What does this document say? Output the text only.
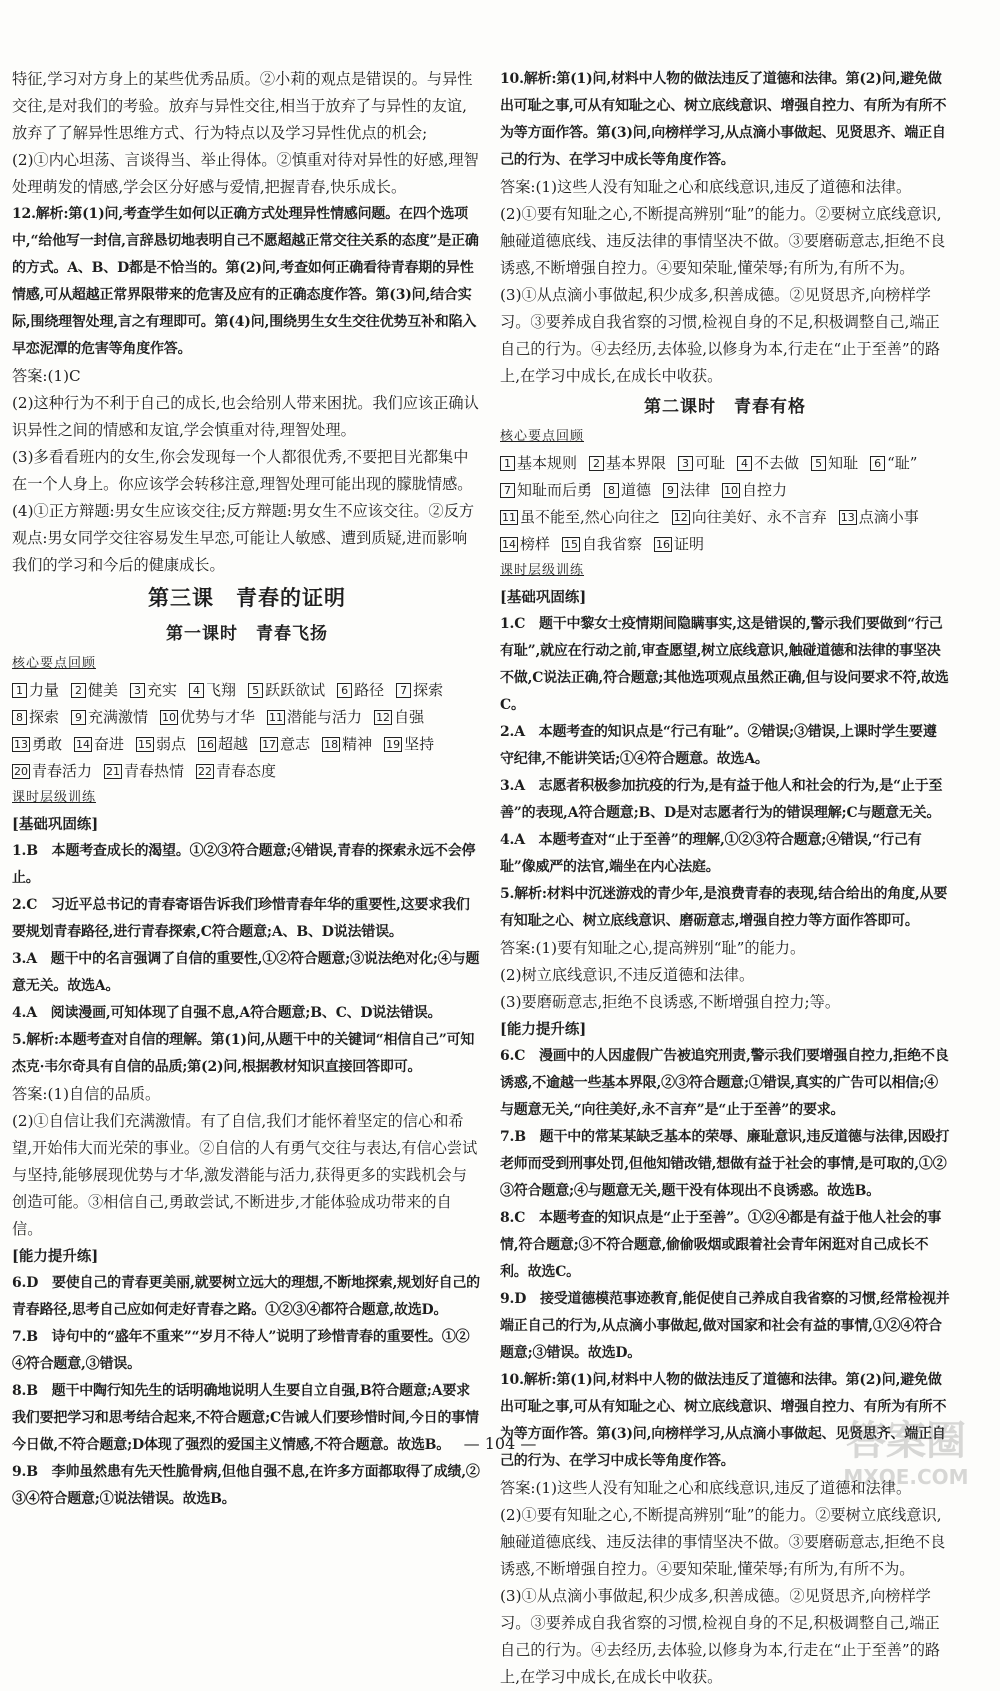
特征,学习对方身上的某些优秀品质。②小莉的观点是错误的。与异性交往,是对我们的考验。放弃与异性交往,相当于放弃了与异性的友谊,放弃了了解异性思维方式、行为特点以及学习异性优点的机会;

(2)①内心坦荡、言谈得当、举止得体。②慎重对待对异性的好感,理智处理萌发的情感,学会区分好感与爱情,把握青春,快乐成长。

12.解析:第(1)问,考查学生如何以正确方式处理异性情感问题。在四个选项中,“给他写一封信,言辞恳切地表明自己不愿超越正常交往关系的态度”是正确的方式。A、B、D都是不恰当的。第(2)问,考查如何正确看待青春期的异性情感,可从超越正常界限带来的危害及应有的正确态度作答。第(3)问,结合实际,围绕理智处理,言之有理即可。第(4)问,围绕男生女生交往优势互补和陷入早恋泥潭的危害等角度作答。

答案:(1)C

(2)这种行为不利于自己的成长,也会给别人带来困扰。我们应该正确认识异性之间的情感和友谊,学会慎重对待,理智处理。

(3)多看看班内的女生,你会发现每一个人都很优秀,不要把目光都集中在一个人身上。你应该学会转移注意,理智处理可能出现的朦胧情感。

(4)①正方辩题:男女生应该交往;反方辩题:男女生不应该交往。②反方观点:男女同学交往容易发生早恋,可能让人敏感、遭到质疑,进而影响我们的学习和今后的健康成长。

第三课　青春的证明
第一课时　青春飞扬
核心要点回顾
1 力量	2 健美	3 充实	4 飞翔	5 跃跃欲试	6 路径	7 探索
8 探索	9 充满激情 10 优势与才华 11 潜能与活力 12 自强
13 勇敢 14 奋进 15 弱点 16 超越 17 意志 18 精神 19 坚持
20 青春活力 21 青春热情 22 青春态度
课时层级训练
[基础巩固练]

1.B　本题考查成长的渴望。①②③符合题意;④错误,青春的探索永远不会停止。

2.C　习近平总书记的青春寄语告诉我们珍惜青春年华的重要性,这要求我们要规划青春路径,进行青春探索,C符合题意;A、B、D说法错误。

3.A　题干中的名言强调了自信的重要性,①②符合题意;③说法绝对化;④与题意无关。故选A。

4.A　阅读漫画,可知体现了自强不息,A符合题意;B、C、D说法错误。

5.解析:本题考查对自信的理解。第(1)问,从题干中的关键词“相信自己”可知杰克·韦尔奇具有自信的品质;第(2)问,根据教材知识直接回答即可。

答案:(1)自信的品质。

(2)①自信让我们充满激情。有了自信,我们才能怀着坚定的信心和希望,开始伟大而光荣的事业。②自信的人有勇气交往与表达,有信心尝试与坚持,能够展现优势与才华,激发潜能与活力,获得更多的实践机会与创造可能。③相信自己,勇敢尝试,不断进步,才能体验成功带来的自信。

[能力提升练]

6.D　要使自己的青春更美丽,就要树立远大的理想,不断地探索,规划好自己的青春路径,思考自己应如何走好青春之路。①②③④都符合题意,故选D。

7.B　诗句中的“盛年不重来”“岁月不待人”说明了珍惜青春的重要性。①②④符合题意,③错误。

8.B　题干中陶行知先生的话明确地说明人生要自立自强,B符合题意;A要求我们要把学习和思考结合起来,不符合题意;C告诫人们要珍惜时间,今日的事情今日做,不符合题意;D体现了强烈的爱国主义情感,不符合题意。故选B。

9.B　李帅虽然患有先天性脆骨病,但他自强不息,在许多方面都取得了成绩,②③④符合题意;①说法错误。故选B。

10.解析:第(1)问,材料中人物的做法违反了道德和法律。第(2)问,避免做出可耻之事,可从有知耻之心、树立底线意识、增强自控力、有所为有所不为等方面作答。第(3)问,向榜样学习,从点滴小事做起、见贤思齐、端正自己的行为、在学习中成长等角度作答。

答案:(1)这些人没有知耻之心和底线意识,违反了道德和法律。

(2)①要有知耻之心,不断提高辨别“耻”的能力。②要树立底线意识,触碰道德底线、违反法律的事情坚决不做。③要磨砺意志,拒绝不良诱惑,不断增强自控力。④要知荣耻,懂荣辱;有所为,有所不为。

(3)①从点滴小事做起,积少成多,积善成德。②见贤思齐,向榜样学习。③要养成自我省察的习惯,检视自身的不足,积极调整自己,端正自己的行为。④去经历,去体验,以修身为本,行走在“止于至善”的路上,在学习中成长,在成长中收获。

第二课时　青春有格
核心要点回顾
1 基本规则	2 基本界限	3 可耻	4 不去做	5 知耻	6 “耻”
7 知耻而后勇	8 道德	9 法律 10 自控力
11 虽不能至,然心向往之 12 向往美好、永不言弃 13 点滴小事
14 榜样 15 自我省察 16 证明
课时层级训练
[基础巩固练]

1.C　题干中黎女士疫情期间隐瞒事实,这是错误的,警示我们要做到“行己有耻”,就应在行动之前,审查愿望,树立底线意识,触碰道德和法律的事坚决不做,C说法正确,符合题意;其他选项观点虽然正确,但与设问要求不符,故选C。

2.A　本题考查的知识点是“行己有耻”。②错误;③错误,上课时学生要遵守纪律,不能讲笑话;①④符合题意。故选A。

3.A　志愿者积极参加抗疫的行为,是有益于他人和社会的行为,是“止于至善”的表现,A符合题意;B、D是对志愿者行为的错误理解;C与题意无关。

4.A　本题考查对“止于至善”的理解,①②③符合题意;④错误,“行己有耻”像威严的法官,端坐在内心法庭。

5.解析:材料中沉迷游戏的青少年,是浪费青春的表现,结合给出的角度,从要有知耻之心、树立底线意识、磨砺意志,增强自控力等方面作答即可。

答案:(1)要有知耻之心,提高辨别“耻”的能力。

(2)树立底线意识,不违反道德和法律。

(3)要磨砺意志,拒绝不良诱惑,不断增强自控力;等。

[能力提升练]

6.C　漫画中的人因虚假广告被追究刑责,警示我们要增强自控力,拒绝不良诱惑,不逾越一些基本界限,②③符合题意;①错误,真实的广告可以相信;④与题意无关,“向往美好,永不言弃”是“止于至善”的要求。

7.B　题干中的常某某缺乏基本的荣辱、廉耻意识,违反道德与法律,因殴打老师而受到刑事处罚,但他知错改错,想做有益于社会的事情,是可取的,①②③符合题意;④与题意无关,题干没有体现出不良诱惑。故选B。

8.C　本题考查的知识点是“止于至善”。①②④都是有益于他人社会的事情,符合题意;③不符合题意,偷偷吸烟或跟着社会青年闲逛对自己成长不利。故选C。

9.D　接受道德模范事迹教育,能促使自己养成自我省察的习惯,经常检视并端正自己的行为,从点滴小事做起,做对国家和社会有益的事情,①②④符合题意;③错误。故选D。

10.解析:第(1)问,材料中人物的做法违反了道德和法律。第(2)问,避免做出可耻之事,可从有知耻之心、树立底线意识、增强自控力、有所为有所不为等方面作答。第(3)问,向榜样学习,从点滴小事做起、见贤思齐、端正自己的行为、在学习中成长等角度作答。

答案:(1)这些人没有知耻之心和底线意识,违反了道德和法律。

(2)①要有知耻之心,不断提高辨别“耻”的能力。②要树立底线意识,触碰道德底线、违反法律的事情坚决不做。③要磨砺意志,拒绝不良诱惑,不断增强自控力。④要知荣耻,懂荣辱;有所为,有所不为。

(3)①从点滴小事做起,积少成多,积善成德。②见贤思齐,向榜样学习。③要养成自我省察的习惯,检视自身的不足,积极调整自己,端正自己的行为。④去经历,去体验,以修身为本,行走在“止于至善”的路上,在学习中成长,在成长中收获。

— 104 —	答案圈
MXQE.COM
